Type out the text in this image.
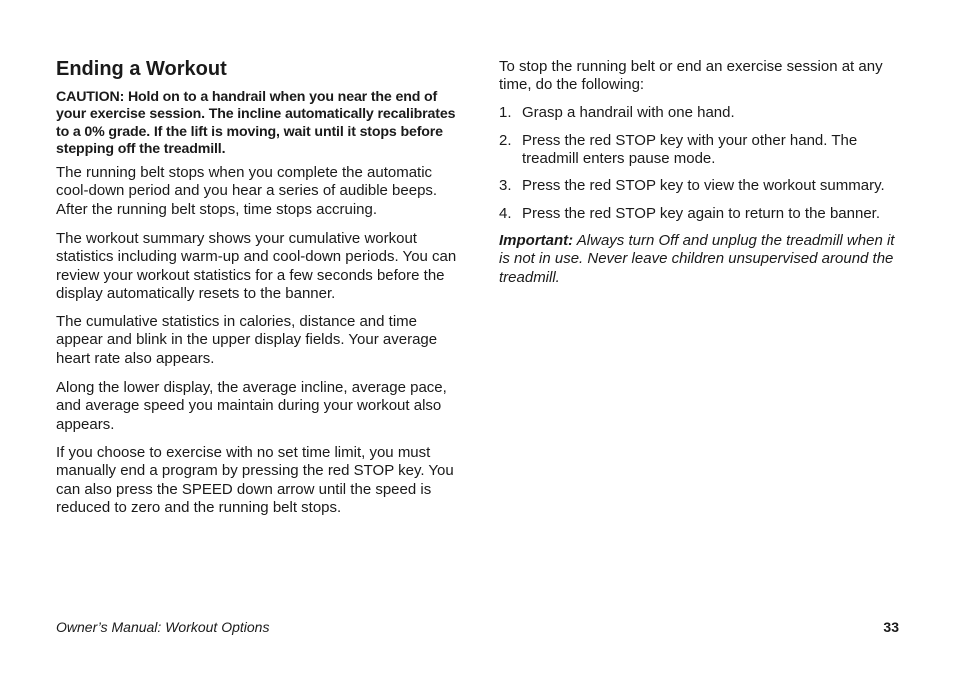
Ending a Workout

CAUTION: Hold on to a handrail when you near the end of your exercise session. The incline automatically recalibrates to a 0% grade. If the lift is moving, wait until it stops before stepping off the treadmill.

The running belt stops when you complete the automatic cool-down period and you hear a series of audible beeps. After the running belt stops, time stops accruing.

The workout summary shows your cumulative workout statistics including warm-up and cool-down periods. You can review your workout statistics for a few seconds before the display automatically resets to the banner.

The cumulative statistics in calories, distance and time appear and blink in the upper display fields. Your average heart rate also appears.

Along the lower display, the average incline, average pace, and average speed you maintain during your workout also appears.

If you choose to exercise with no set time limit, you must manually end a program by pressing the red STOP key. You can also press the SPEED down arrow until the speed is reduced to zero and the running belt stops.

To stop the running belt or end an exercise session at any time, do the following:

1. Grasp a handrail with one hand.
2. Press the red STOP key with your other hand. The treadmill enters pause mode.
3. Press the red STOP key to view the workout summary.
4. Press the red STOP key again to return to the banner.

Important: Always turn Off and unplug the treadmill when it is not in use. Never leave children unsupervised around the treadmill.

Owner’s Manual: Workout Options	33
